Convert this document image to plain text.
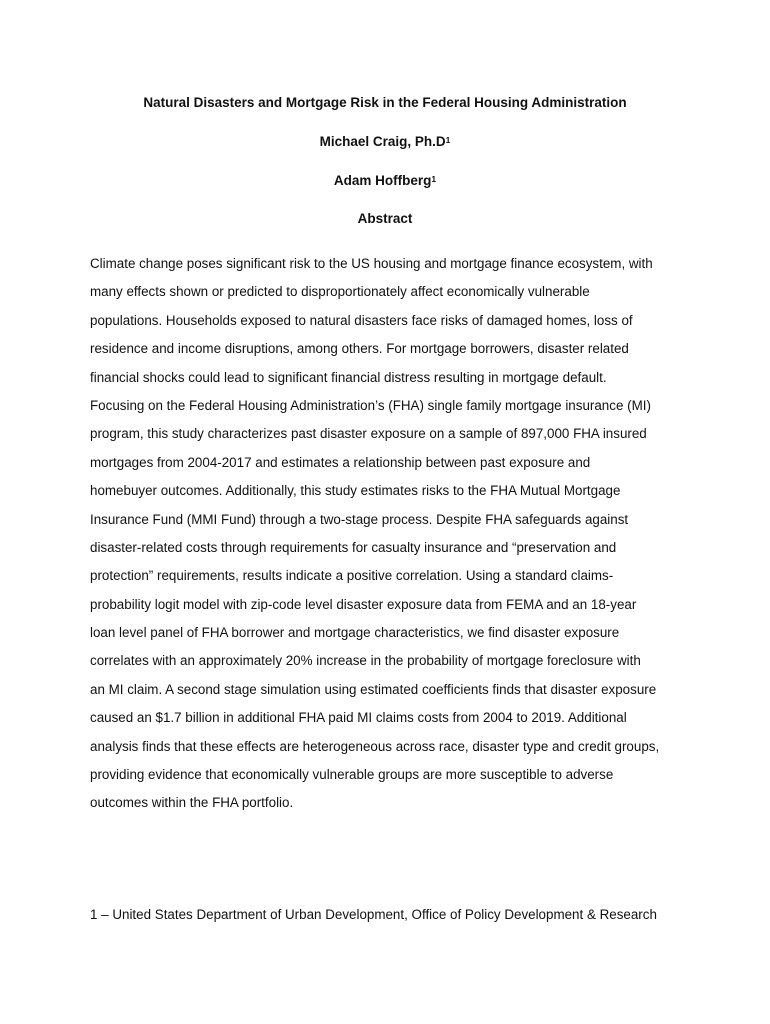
Natural Disasters and Mortgage Risk in the Federal Housing Administration
Michael Craig, $Ph.D^1$
Adam Hoffberg$^1$
Abstract
Climate change poses significant risk to the US housing and mortgage finance ecosystem, with
many effects shown or predicted to disproportionately affect economically vulnerable
populations. Households exposed to natural disasters face risks of damaged homes, loss of
residence and income disruptions, among others. For mortgage borrowers, disaster related
financial shocks could lead to significant financial distress resulting in mortgage default.
Focusing on the Federal Housing Administration’s (FHA) single family mortgage insurance (MI)
program, this study characterizes past disaster exposure on a sample of 897,000 FHA insured
mortgages from 2004-2017 and estimates a relationship between past exposure and
homebuyer outcomes. Additionally, this study estimates risks to the FHA Mutual Mortgage
Insurance Fund (MMI Fund) through a two-stage process. Despite FHA safeguards against
disaster-related costs through requirements for casualty insurance and “preservation and
protection” requirements, results indicate a positive correlation. Using a standard claims-
probability logit model with zip-code level disaster exposure data from FEMA and an 18-year
loan level panel of FHA borrower and mortgage characteristics, we find disaster exposure
correlates with an approximately 20% increase in the probability of mortgage foreclosure with
an MI claim. A second stage simulation using estimated coefficients finds that disaster exposure
caused an $1.7 billion in additional FHA paid MI claims costs from 2004 to 2019. Additional
analysis finds that these effects are heterogeneous across race, disaster type and credit groups,
providing evidence that economically vulnerable groups are more susceptible to adverse
outcomes within the FHA portfolio.
1 – United States Department of Urban Development, Office of Policy Development & Research
